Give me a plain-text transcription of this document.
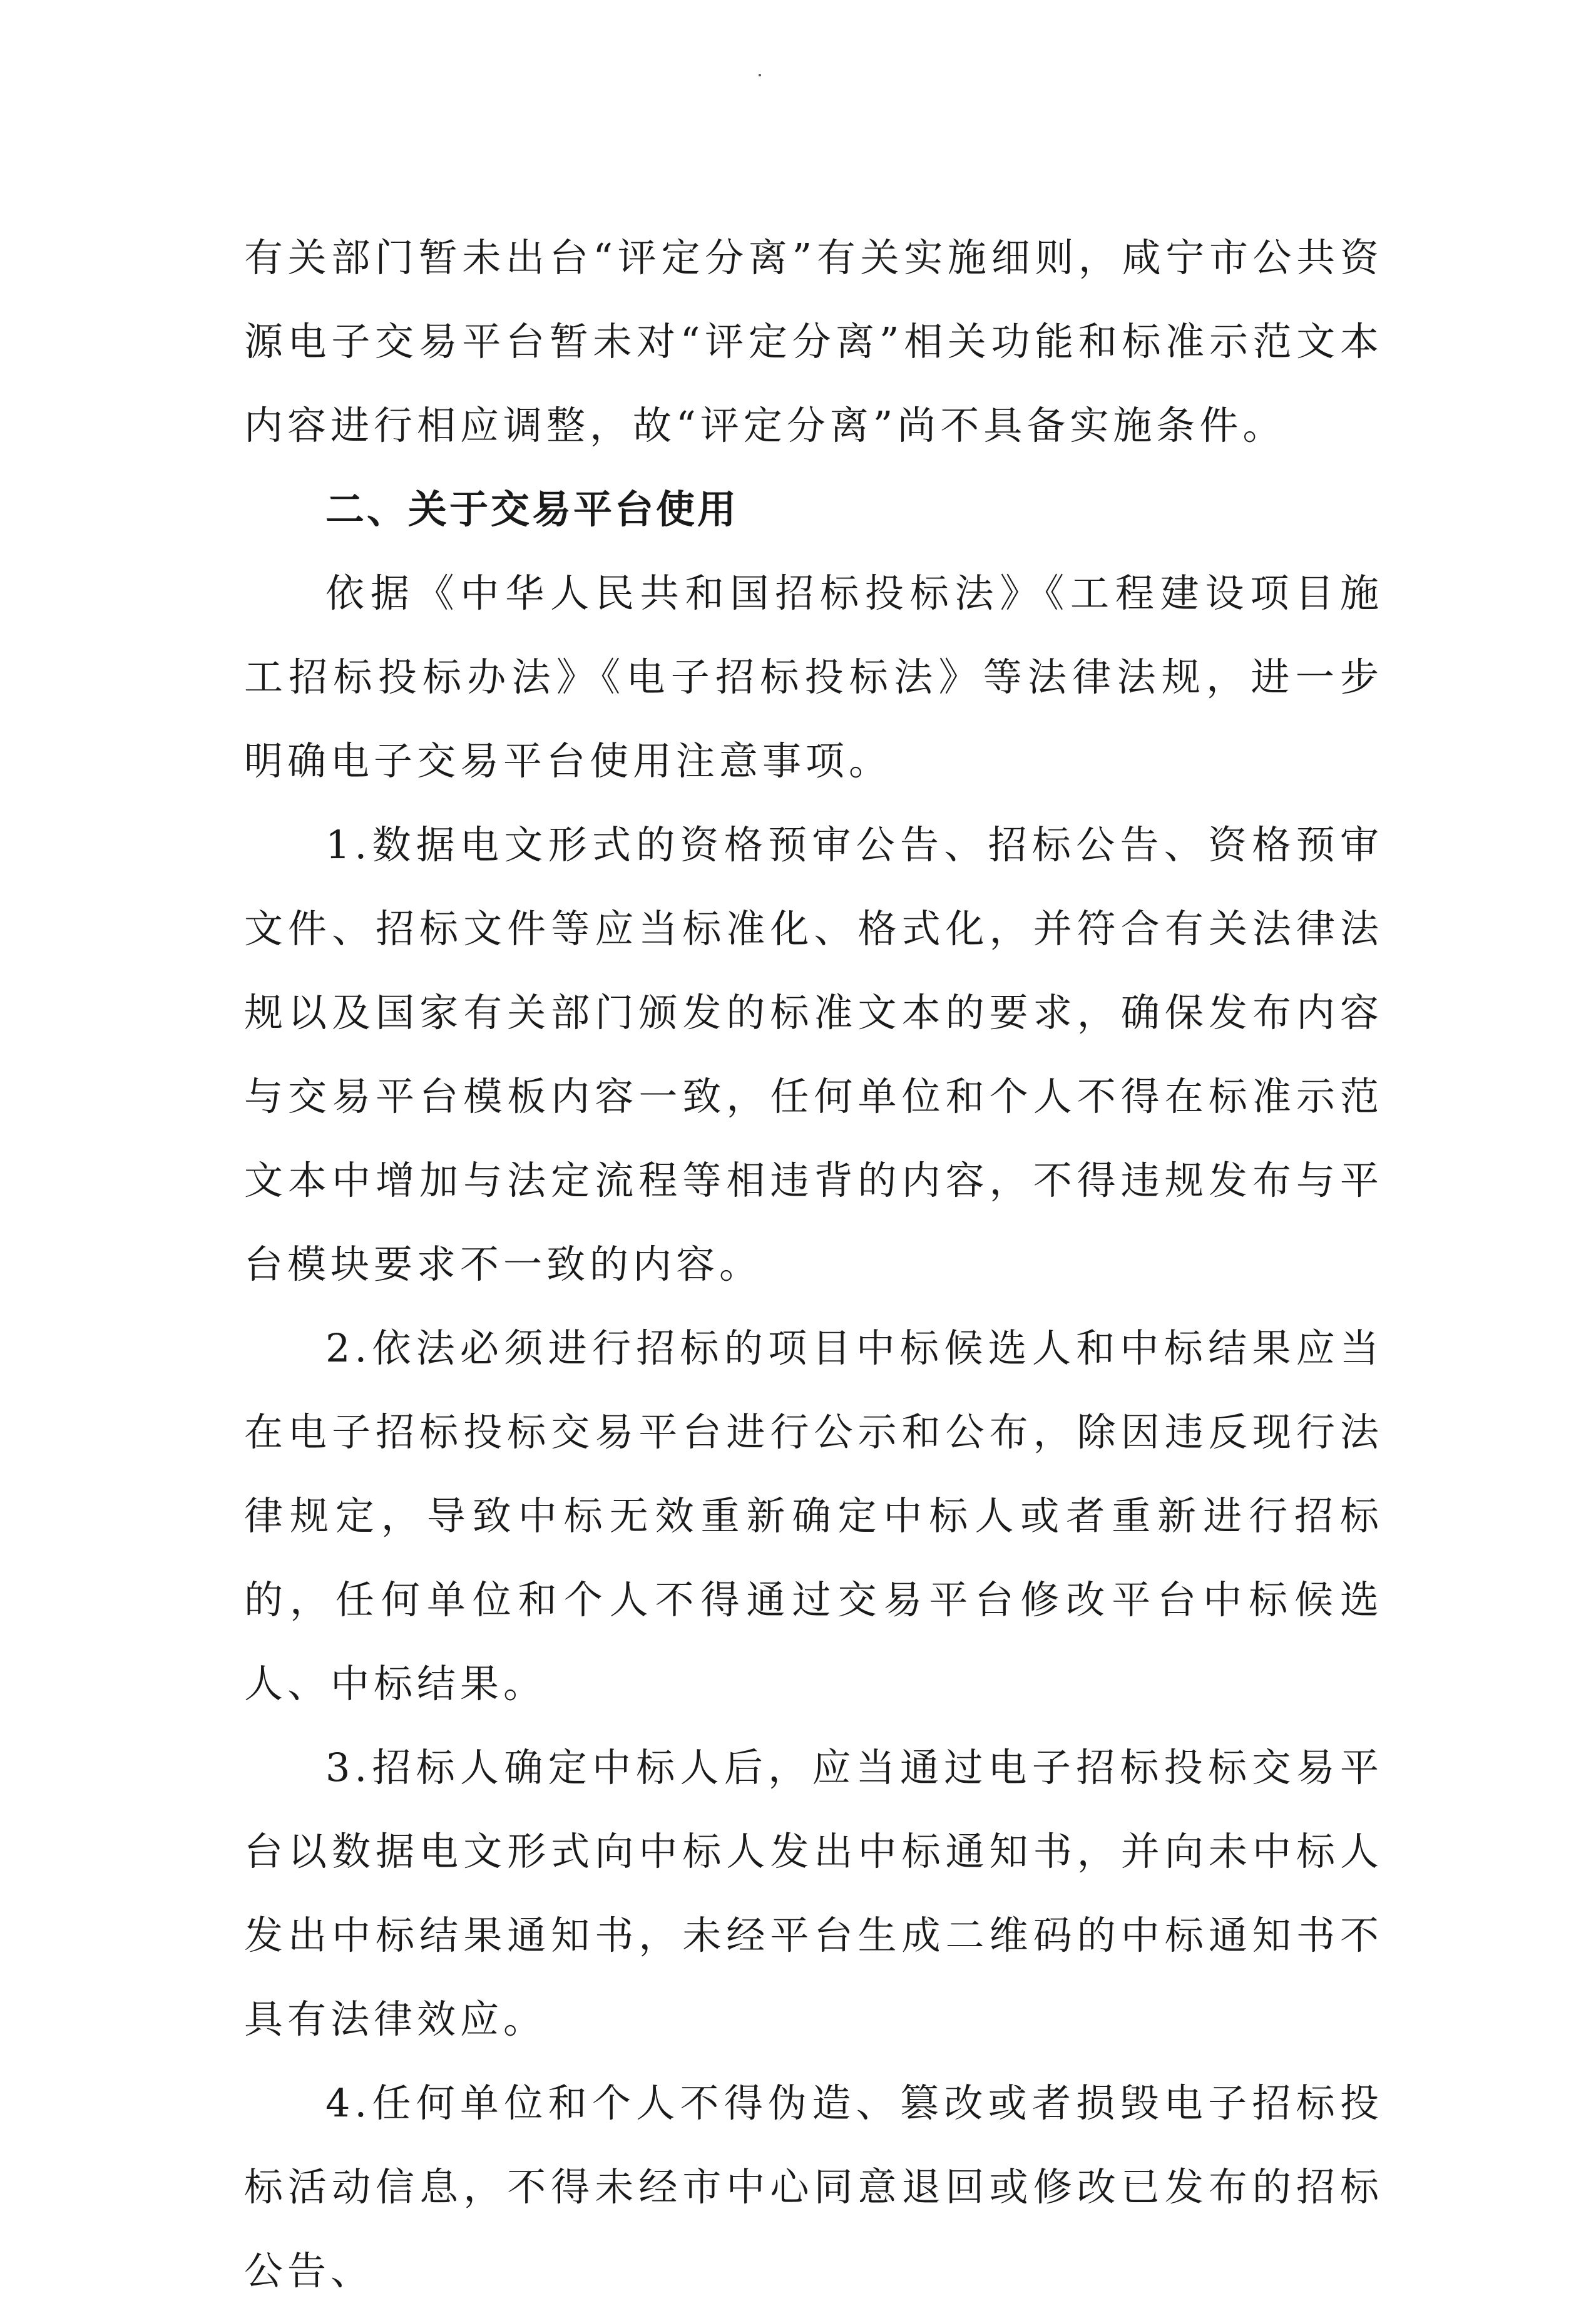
有关部门暂未出台“评定分离”有关实施细则，咸宁市公共资源电子交易平台暂未对“评定分离”相关功能和标准示范文本内容进行相应调整，故“评定分离”尚不具备实施条件。

二、关于交易平台使用

依据《中华人民共和国招标投标法》《工程建设项目施工招标投标办法》《电子招标投标法》等法律法规，进一步明确电子交易平台使用注意事项。

1.数据电文形式的资格预审公告、招标公告、资格预审文件、招标文件等应当标准化、格式化，并符合有关法律法规以及国家有关部门颁发的标准文本的要求，确保发布内容与交易平台模板内容一致，任何单位和个人不得在标准示范文本中增加与法定流程等相违背的内容，不得违规发布与平台模块要求不一致的内容。

2.依法必须进行招标的项目中标候选人和中标结果应当在电子招标投标交易平台进行公示和公布，除因违反现行法律规定，导致中标无效重新确定中标人或者重新进行招标的，任何单位和个人不得通过交易平台修改平台中标候选人、中标结果。

3.招标人确定中标人后，应当通过电子招标投标交易平台以数据电文形式向中标人发出中标通知书，并向未中标人发出中标结果通知书，未经平台生成二维码的中标通知书不具有法律效应。

4.任何单位和个人不得伪造、篡改或者损毁电子招标投标活动信息，不得未经市中心同意退回或修改已发布的招标公告、
